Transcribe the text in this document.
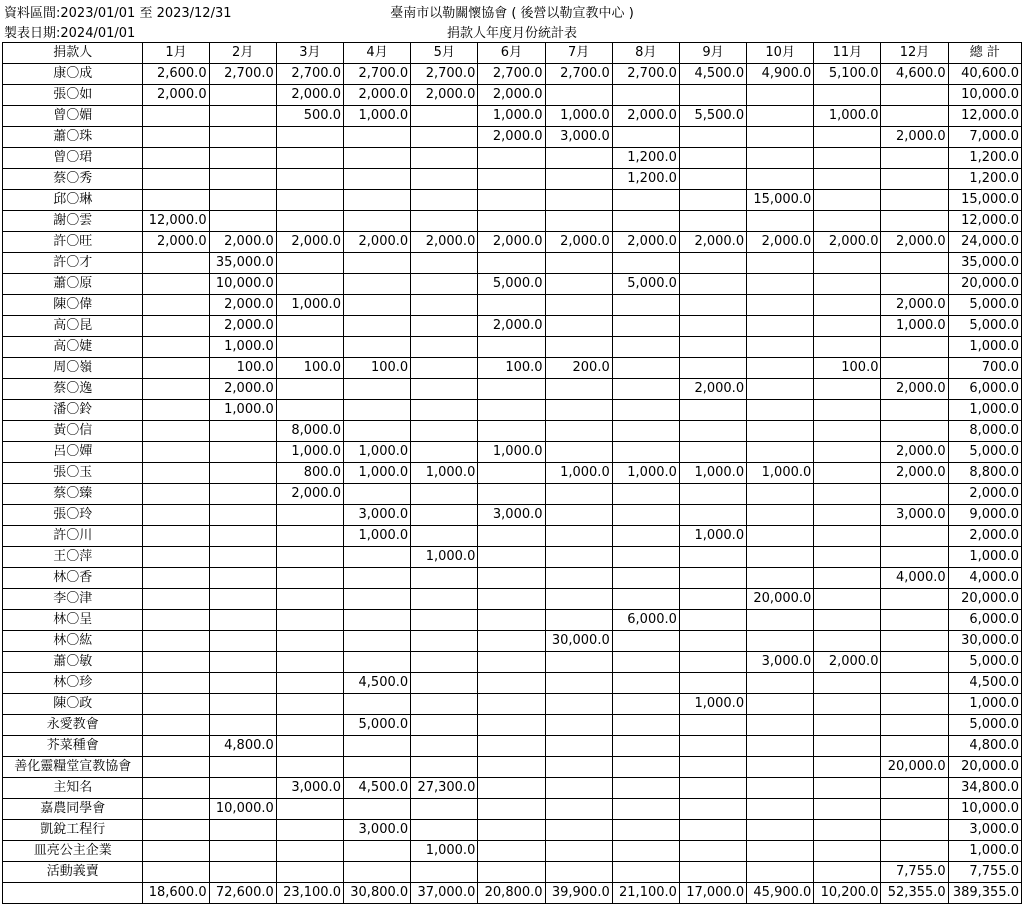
資料區間:2023/01/01 至 2023/12/31
製表日期:2024/01/01
臺南市以勒關懷協會 ( 後營以勒宣教中心 )
捐款人年度月份統計表
捐款人	1月	2月	3月	4月	5月	6月	7月	8月	9月	10月	11月	12月	總 計
康〇成	2,600.0	2,700.0	2,700.0	2,700.0	2,700.0	2,700.0	2,700.0	2,700.0	4,500.0	4,900.0	5,100.0	4,600.0	40,600.0
張〇如	2,000.0		2,000.0	2,000.0	2,000.0	2,000.0							10,000.0
曾〇媚			500.0	1,000.0		1,000.0	1,000.0	2,000.0	5,500.0		1,000.0		12,000.0
蕭〇珠						2,000.0	3,000.0					2,000.0	7,000.0
曾〇珺								1,200.0					1,200.0
蔡〇秀								1,200.0					1,200.0
邱〇琳										15,000.0			15,000.0
謝〇雲	12,000.0												12,000.0
許〇旺	2,000.0	2,000.0	2,000.0	2,000.0	2,000.0	2,000.0	2,000.0	2,000.0	2,000.0	2,000.0	2,000.0	2,000.0	24,000.0
許〇才		35,000.0											35,000.0
蕭〇原		10,000.0				5,000.0		5,000.0					20,000.0
陳〇偉		2,000.0	1,000.0									2,000.0	5,000.0
高〇昆		2,000.0				2,000.0						1,000.0	5,000.0
高〇婕		1,000.0											1,000.0
周〇嶺		100.0	100.0	100.0		100.0	200.0				100.0		700.0
蔡〇逸		2,000.0							2,000.0			2,000.0	6,000.0
潘〇鈴		1,000.0											1,000.0
黃〇信			8,000.0										8,000.0
呂〇嬋			1,000.0	1,000.0		1,000.0						2,000.0	5,000.0
張〇玉			800.0	1,000.0	1,000.0		1,000.0	1,000.0	1,000.0	1,000.0		2,000.0	8,800.0
蔡〇臻			2,000.0										2,000.0
張〇玲				3,000.0		3,000.0						3,000.0	9,000.0
許〇川				1,000.0					1,000.0				2,000.0
王〇萍					1,000.0								1,000.0
林〇香												4,000.0	4,000.0
李〇津										20,000.0			20,000.0
林〇呈								6,000.0					6,000.0
林〇紘							30,000.0						30,000.0
蕭〇敏										3,000.0	2,000.0		5,000.0
林〇珍				4,500.0									4,500.0
陳〇政									1,000.0				1,000.0
永愛教會				5,000.0									5,000.0
芥菜種會		4,800.0											4,800.0
善化靈糧堂宣教協會												20,000.0	20,000.0
主知名			3,000.0	4,500.0	27,300.0								34,800.0
嘉農同學會		10,000.0											10,000.0
凱銳工程行				3,000.0									3,000.0
皿亮公主企業					1,000.0								1,000.0
活動義賣												7,755.0	7,755.0
	18,600.0	72,600.0	23,100.0	30,800.0	37,000.0	20,800.0	39,900.0	21,100.0	17,000.0	45,900.0	10,200.0	52,355.0	389,355.0
